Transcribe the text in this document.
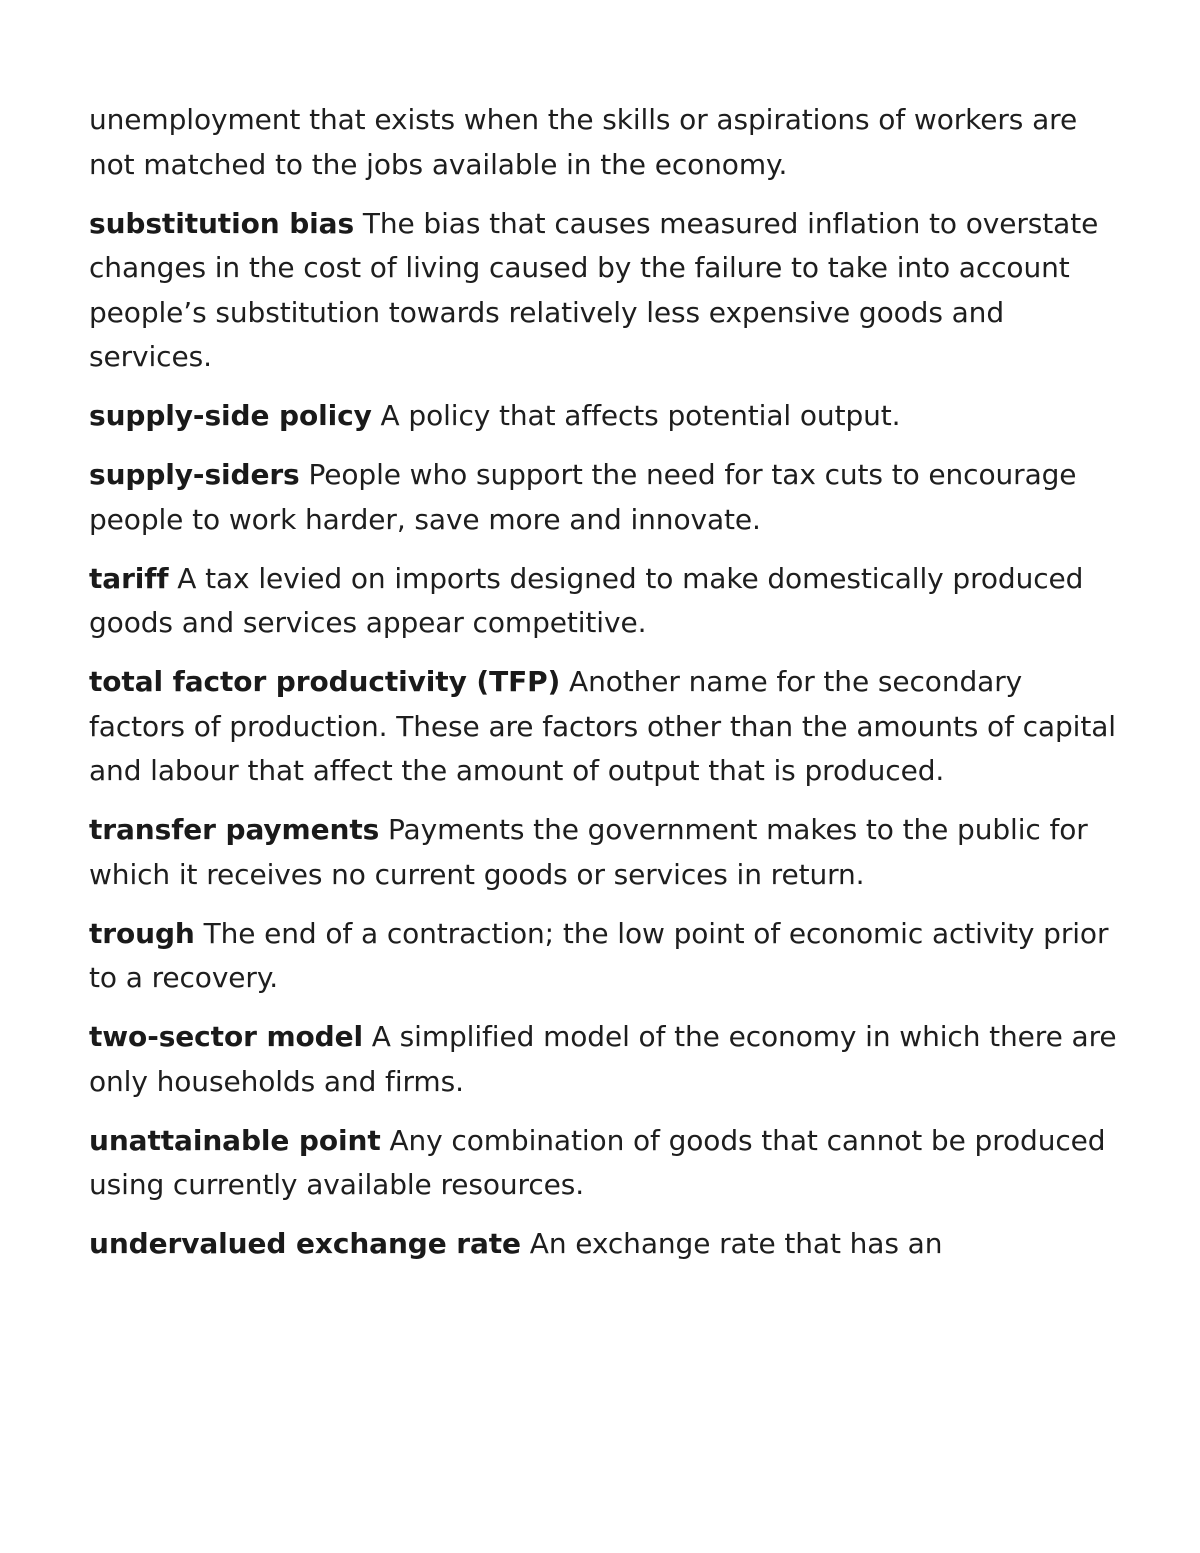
unemployment that exists when the skills or aspirations of workers are not matched to the jobs available in the economy.

substitution bias The bias that causes measured inflation to overstate changes in the cost of living caused by the failure to take into account people’s substitution towards relatively less expensive goods and services.

supply-side policy A policy that affects potential output.

supply-siders People who support the need for tax cuts to encourage people to work harder, save more and innovate.

tariff A tax levied on imports designed to make domestically produced goods and services appear competitive.

total factor productivity (TFP) Another name for the secondary factors of production. These are factors other than the amounts of capital and labour that affect the amount of output that is produced.

transfer payments Payments the government makes to the public for which it receives no current goods or services in return.

trough The end of a contraction; the low point of economic activity prior to a recovery.

two-sector model A simplified model of the economy in which there are only households and firms.

unattainable point Any combination of goods that cannot be produced using currently available resources.

undervalued exchange rate An exchange rate that has an
